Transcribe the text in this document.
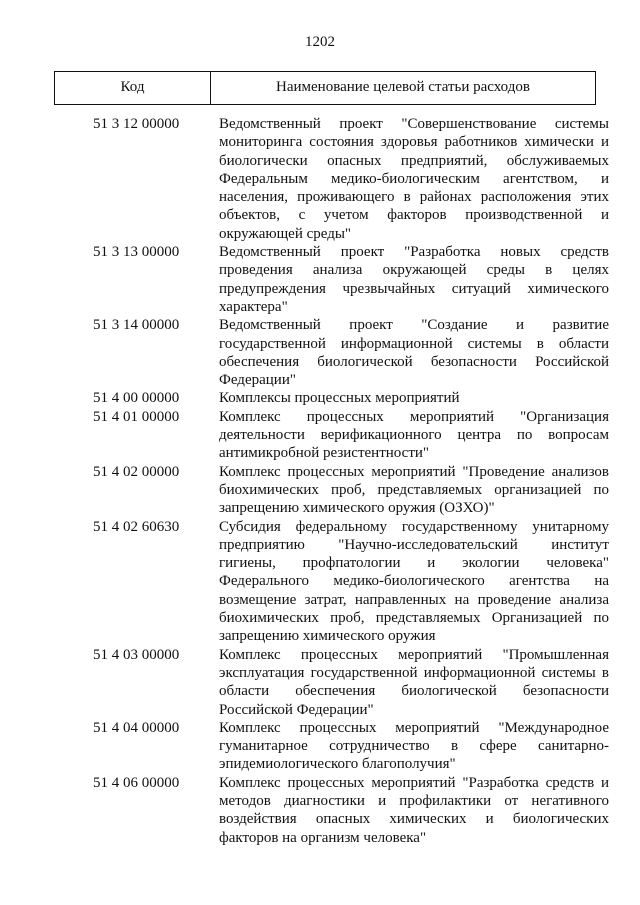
1202
Код	Наименование целевой статьи расходов
51 3 12 00000	Ведомственный проект "Совершенствование системы мониторинга состояния здоровья работников химически и биологически опасных предприятий, обслуживаемых Федеральным медико-биологическим агентством, и населения, проживающего в районах расположения этих объектов, с учетом факторов производственной и окружающей среды"
51 3 13 00000	Ведомственный проект "Разработка новых средств проведения анализа окружающей среды в целях предупреждения чрезвычайных ситуаций химического характера"
51 3 14 00000	Ведомственный проект "Создание и развитие государственной информационной системы в области обеспечения биологической безопасности Российской Федерации"
51 4 00 00000	Комплексы процессных мероприятий
51 4 01 00000	Комплекс процессных мероприятий "Организация деятельности верификационного центра по вопросам антимикробной резистентности"
51 4 02 00000	Комплекс процессных мероприятий "Проведение анализов биохимических проб, представляемых организацией по запрещению химического оружия (ОЗХО)"
51 4 02 60630	Субсидия федеральному государственному унитарному предприятию "Научно-исследовательский институт гигиены, профпатологии и экологии человека" Федерального медико-биологического агентства на возмещение затрат, направленных на проведение анализа биохимических проб, представляемых Организацией по запрещению химического оружия
51 4 03 00000	Комплекс процессных мероприятий "Промышленная эксплуатация государственной информационной системы в области обеспечения биологической безопасности Российской Федерации"
51 4 04 00000	Комплекс процессных мероприятий "Международное гуманитарное сотрудничество в сфере санитарно-эпидемиологического благополучия"
51 4 06 00000	Комплекс процессных мероприятий "Разработка средств и методов диагностики и профилактики от негативного воздействия опасных химических и биологических факторов на организм человека"
